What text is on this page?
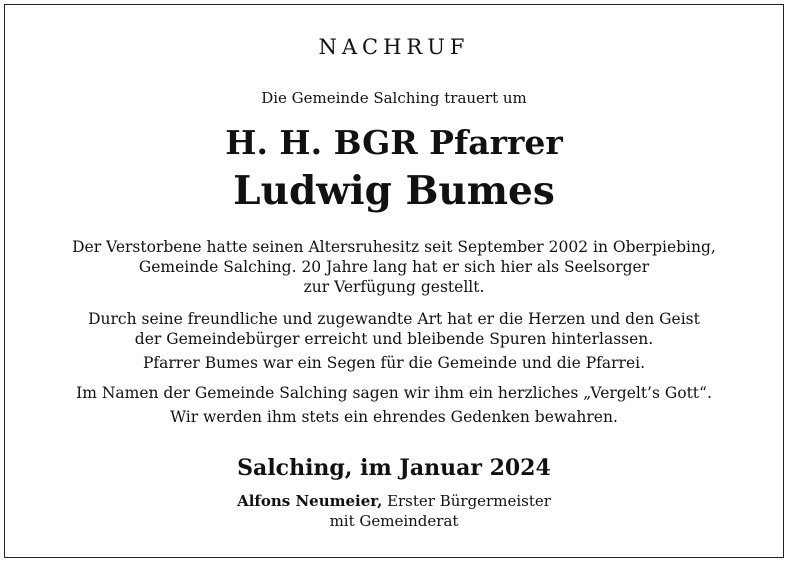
NACHRUF
Die Gemeinde Salching trauert um
H. H. BGR Pfarrer
Ludwig Bumes
Der Verstorbene hatte seinen Altersruhesitz seit September 2002 in Oberpiebing,
Gemeinde Salching. 20 Jahre lang hat er sich hier als Seelsorger
zur Verfügung gestellt.
Durch seine freundliche und zugewandte Art hat er die Herzen und den Geist
der Gemeindebürger erreicht und bleibende Spuren hinterlassen.
Pfarrer Bumes war ein Segen für die Gemeinde und die Pfarrei.
Im Namen der Gemeinde Salching sagen wir ihm ein herzliches „Vergelt’s Gott“.
Wir werden ihm stets ein ehrendes Gedenken bewahren.
Salching, im Januar 2024
Alfons Neumeier, Erster Bürgermeister
mit Gemeinderat
